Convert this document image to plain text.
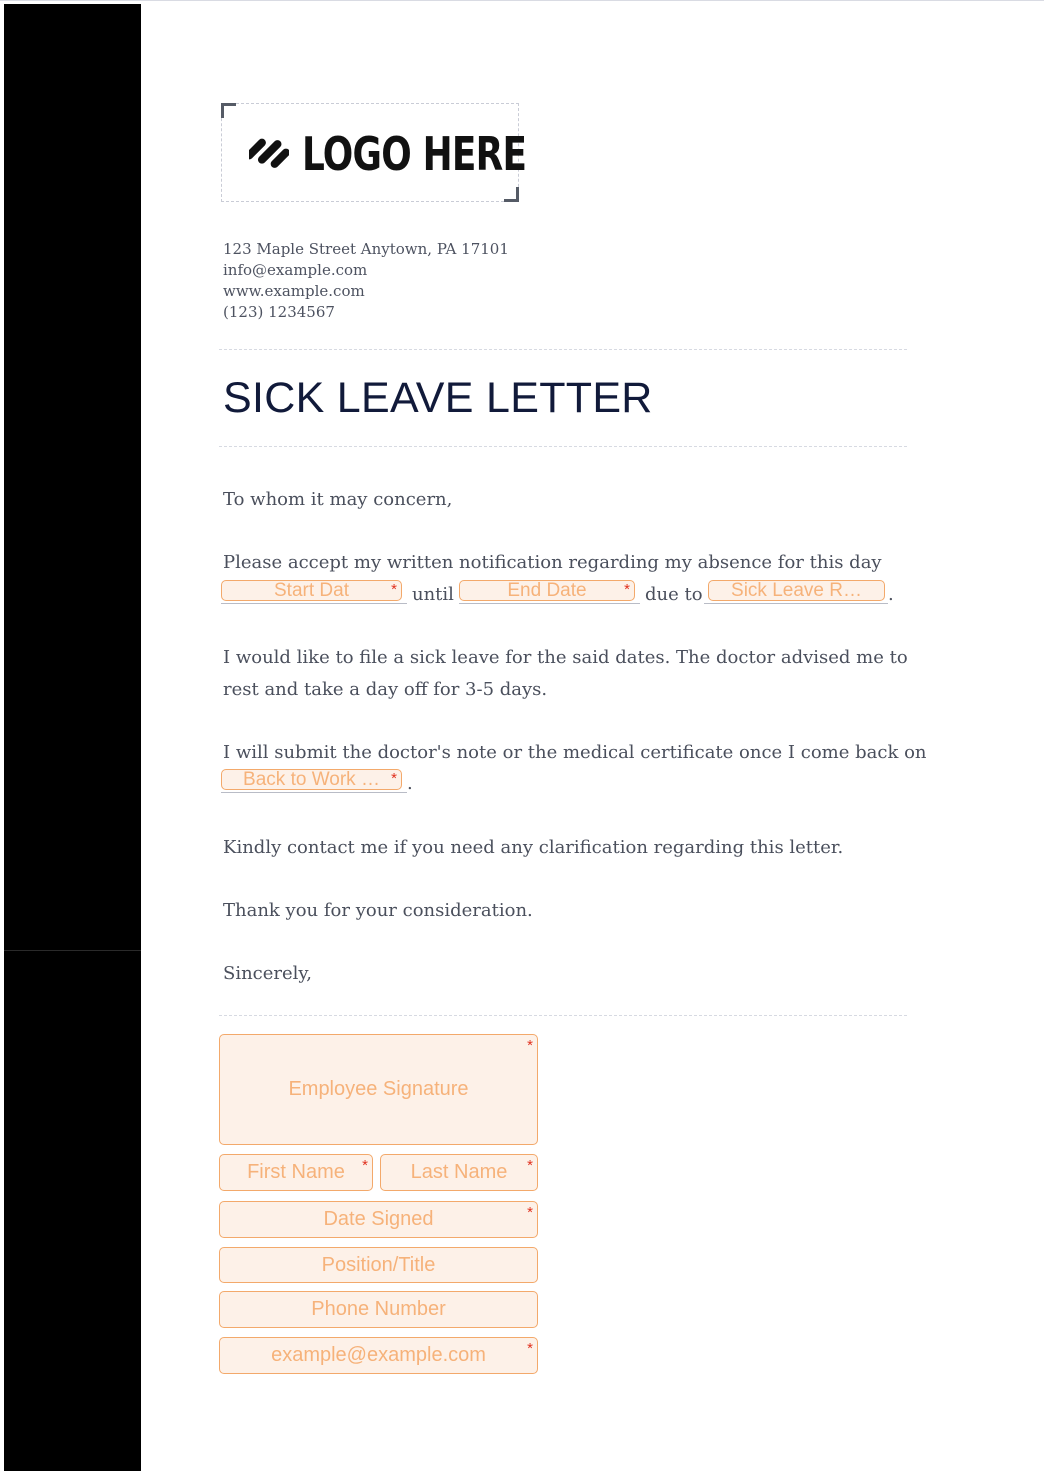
LOGO HERE
123 Maple Street Anytown, PA 17101
info@example.com
www.example.com
(123) 1234567
SICK LEAVE LETTER
To whom it may concern,
Please accept my written notification regarding my absence for this day
Start Dat	* until	End Date	* due to	Sick Leave R…	.
I would like to file a sick leave for the said dates. The doctor advised me to
rest and take a day off for 3-5 days.
I will submit the doctor's note or the medical certificate once I come back on
Back to Work … * .
Kindly contact me if you need any clarification regarding this letter.
Thank you for your consideration.
Sincerely,
Employee Signature
*
First Name * Last Name *
Date Signed	*
Position/Title
Phone Number
example@example.com	*
